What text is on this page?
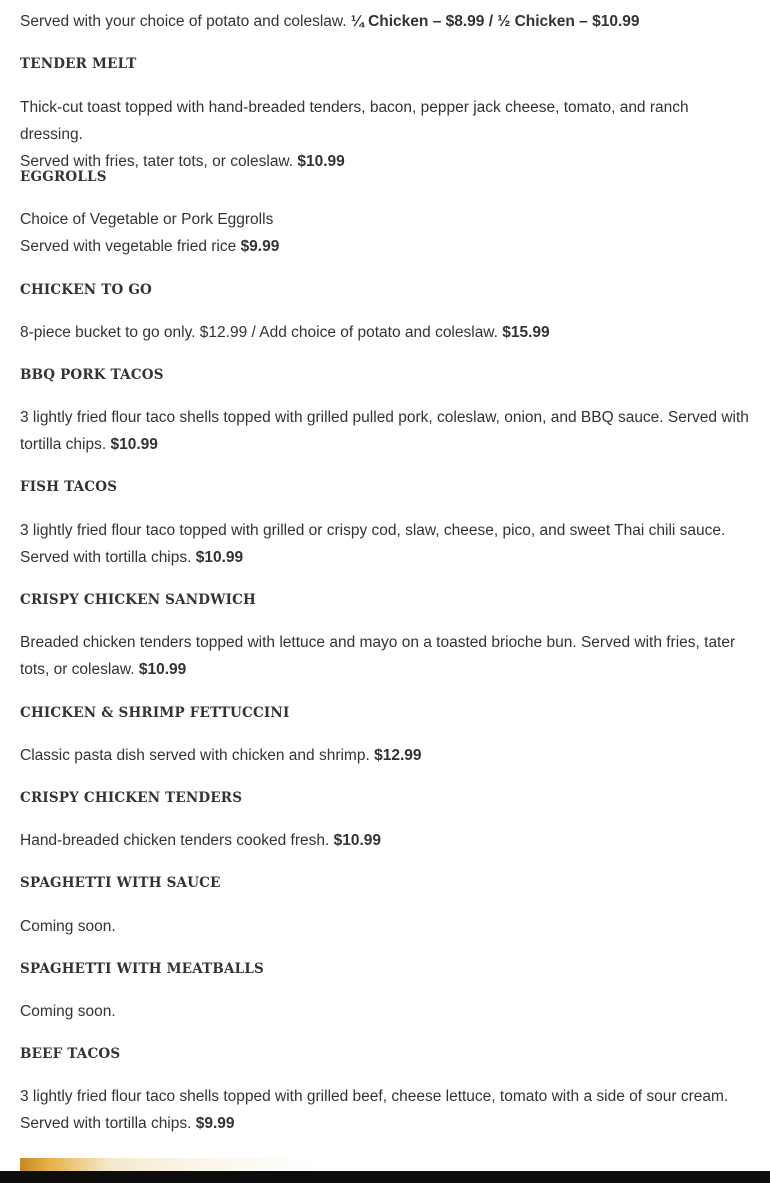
Served with your choice of potato and coleslaw. ¼ Chicken – $8.99 / ½ Chicken – $10.99

TENDER MELT

Thick-cut toast topped with hand-breaded tenders, bacon, pepper jack cheese, tomato, and ranch dressing.
Served with fries, tater tots, or coleslaw. $10.99

EGGROLLS

Choice of Vegetable or Pork Eggrolls
Served with vegetable fried rice $9.99

CHICKEN TO GO

8-piece bucket to go only. $12.99 / Add choice of potato and coleslaw. $15.99

BBQ PORK TACOS

3 lightly fried flour taco shells topped with grilled pulled pork, coleslaw, onion, and BBQ sauce. Served with
tortilla chips. $10.99

FISH TACOS

3 lightly fried flour taco topped with grilled or crispy cod, slaw, cheese, pico, and sweet Thai chili sauce.
Served with tortilla chips. $10.99

CRISPY CHICKEN SANDWICH

Breaded chicken tenders topped with lettuce and mayo on a toasted brioche bun. Served with fries, tater
tots, or coleslaw. $10.99

CHICKEN & SHRIMP FETTUCCINI

Classic pasta dish served with chicken and shrimp. $12.99

CRISPY CHICKEN TENDERS

Hand-breaded chicken tenders cooked fresh. $10.99

SPAGHETTI WITH SAUCE

Coming soon.

SPAGHETTI WITH MEATBALLS

Coming soon.

BEEF TACOS

3 lightly fried flour taco shells topped with grilled beef, cheese lettuce, tomato with a side of sour cream.
Served with tortilla chips. $9.99
